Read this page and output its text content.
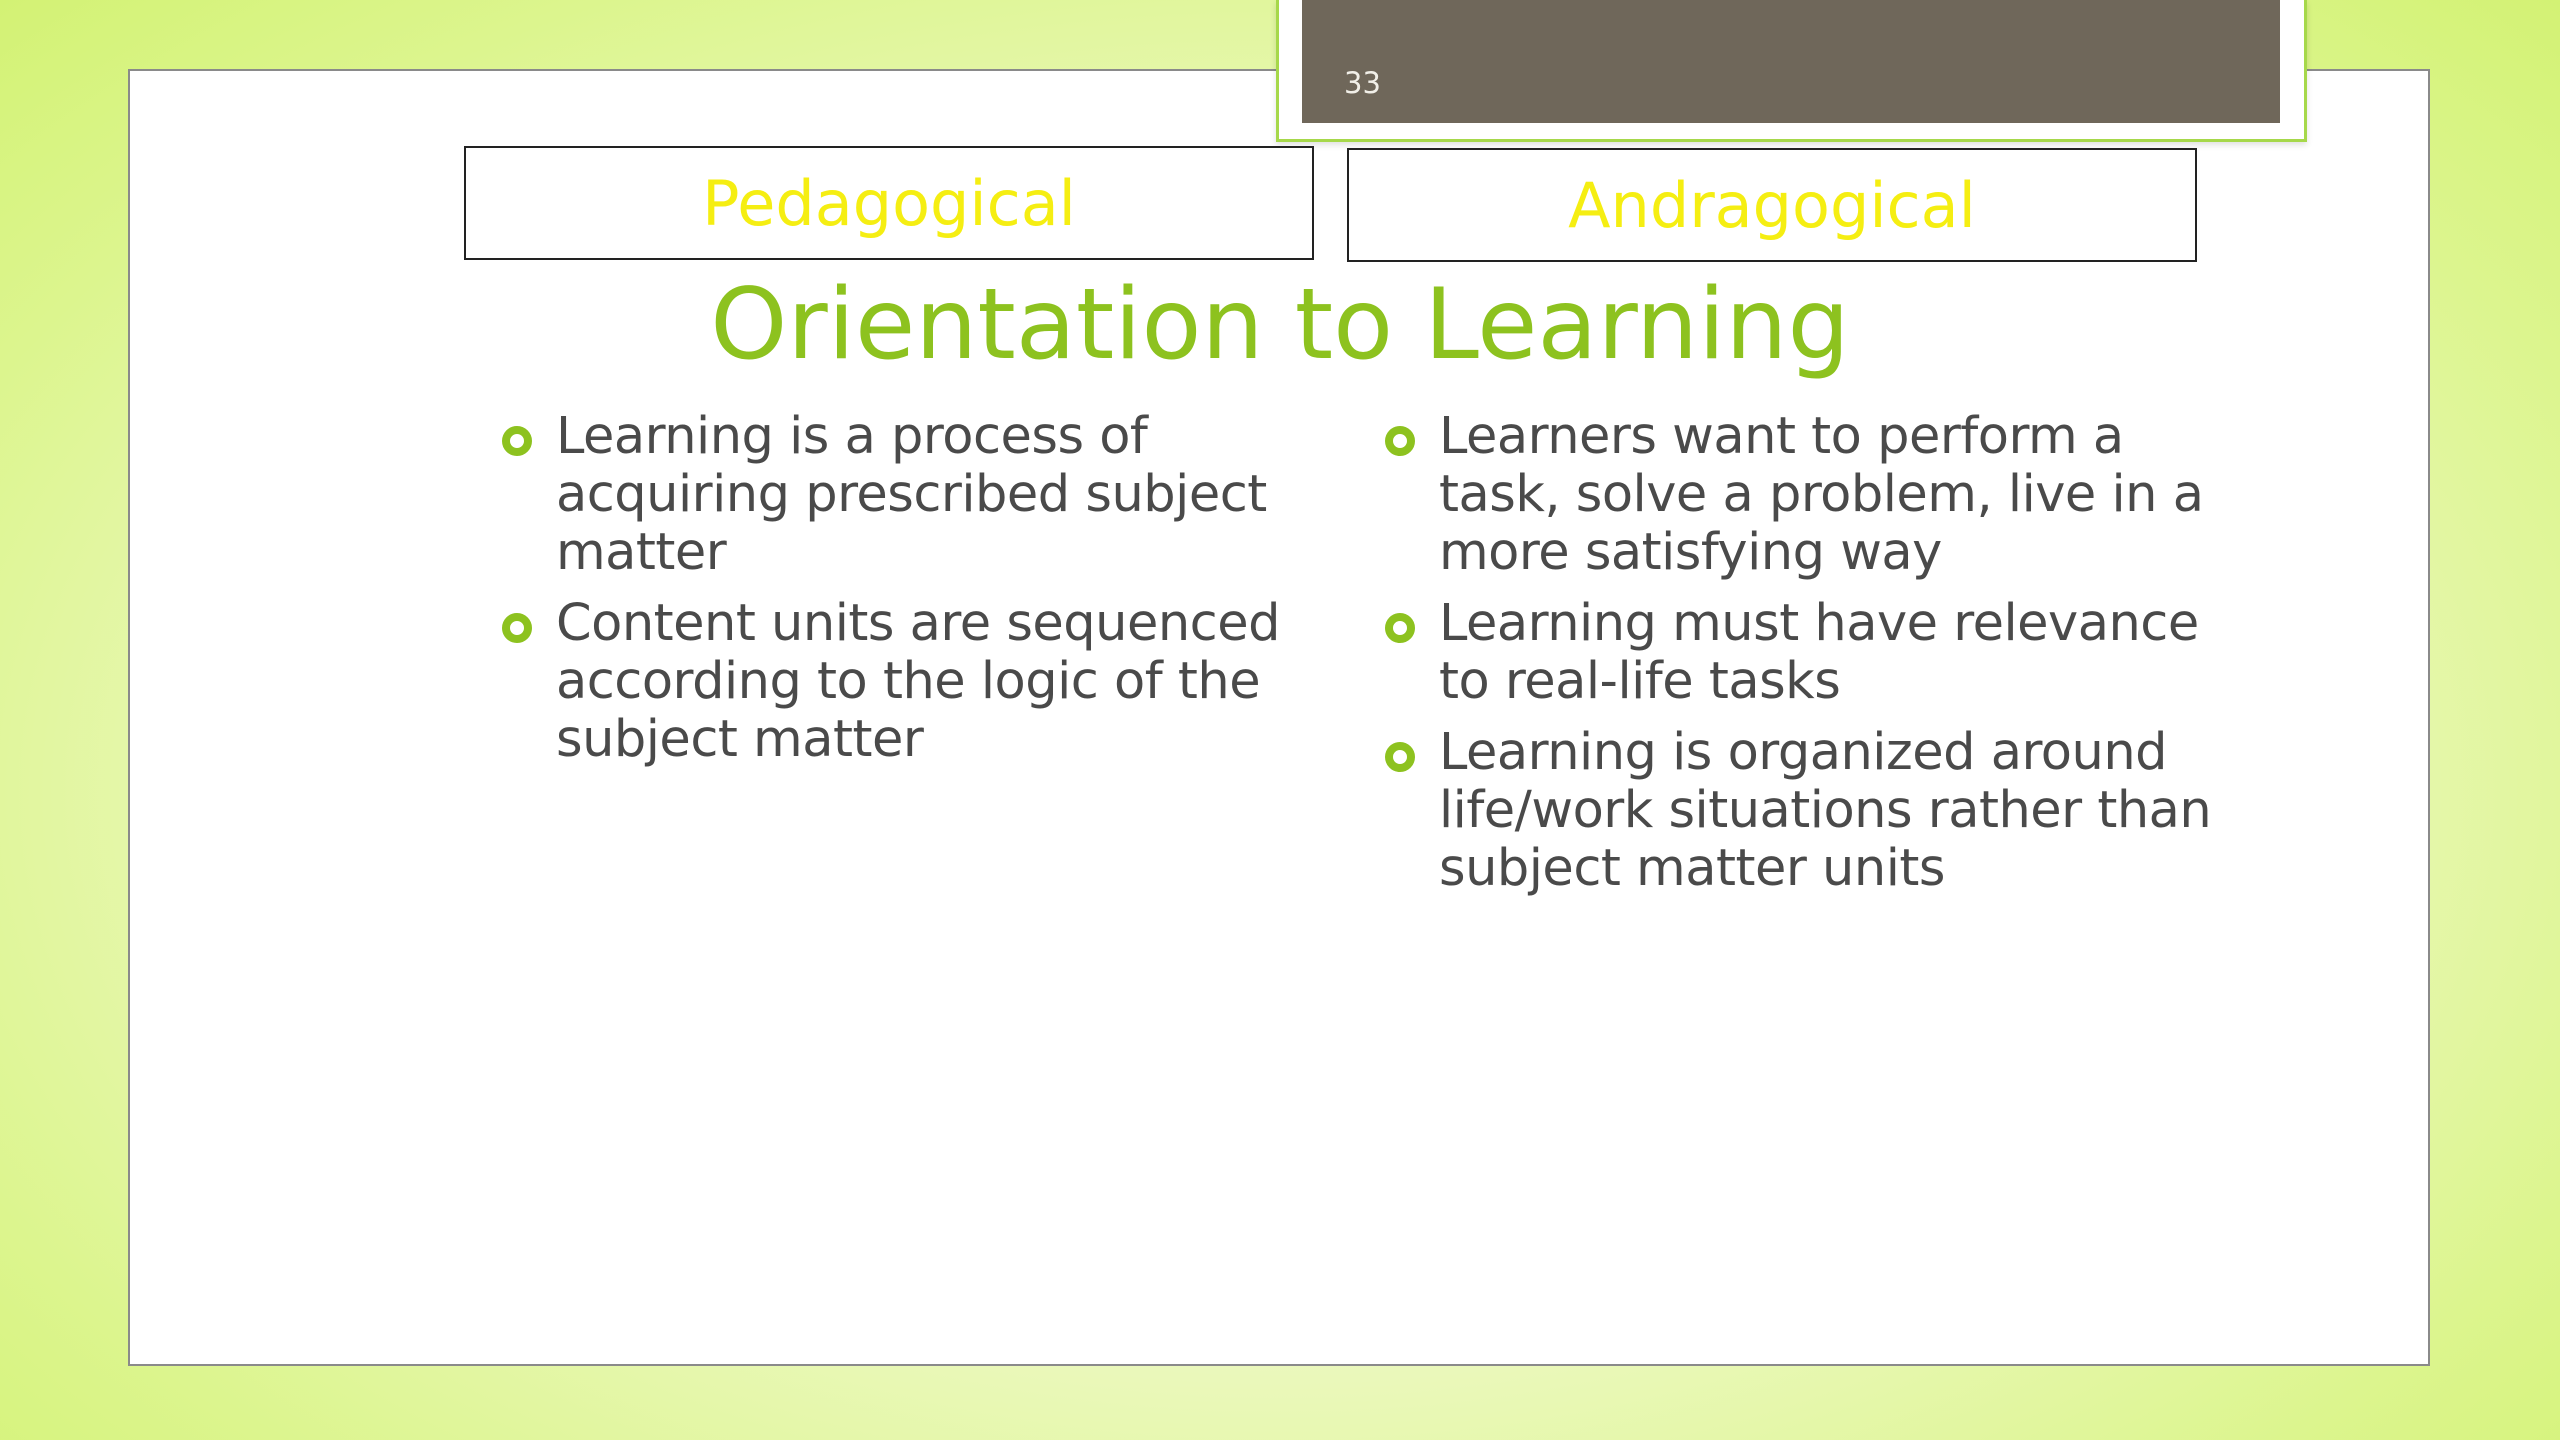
33
Pedagogical	Andragogical
Orientation to Learning
Learning is a process of acquiring prescribed subject matter
Content units are sequenced according to the logic of the subject matter
Learners want to perform a task, solve a problem, live in a more satisfying way
Learning must have relevance to real-life tasks
Learning is organized around life/work situations rather than subject matter units
